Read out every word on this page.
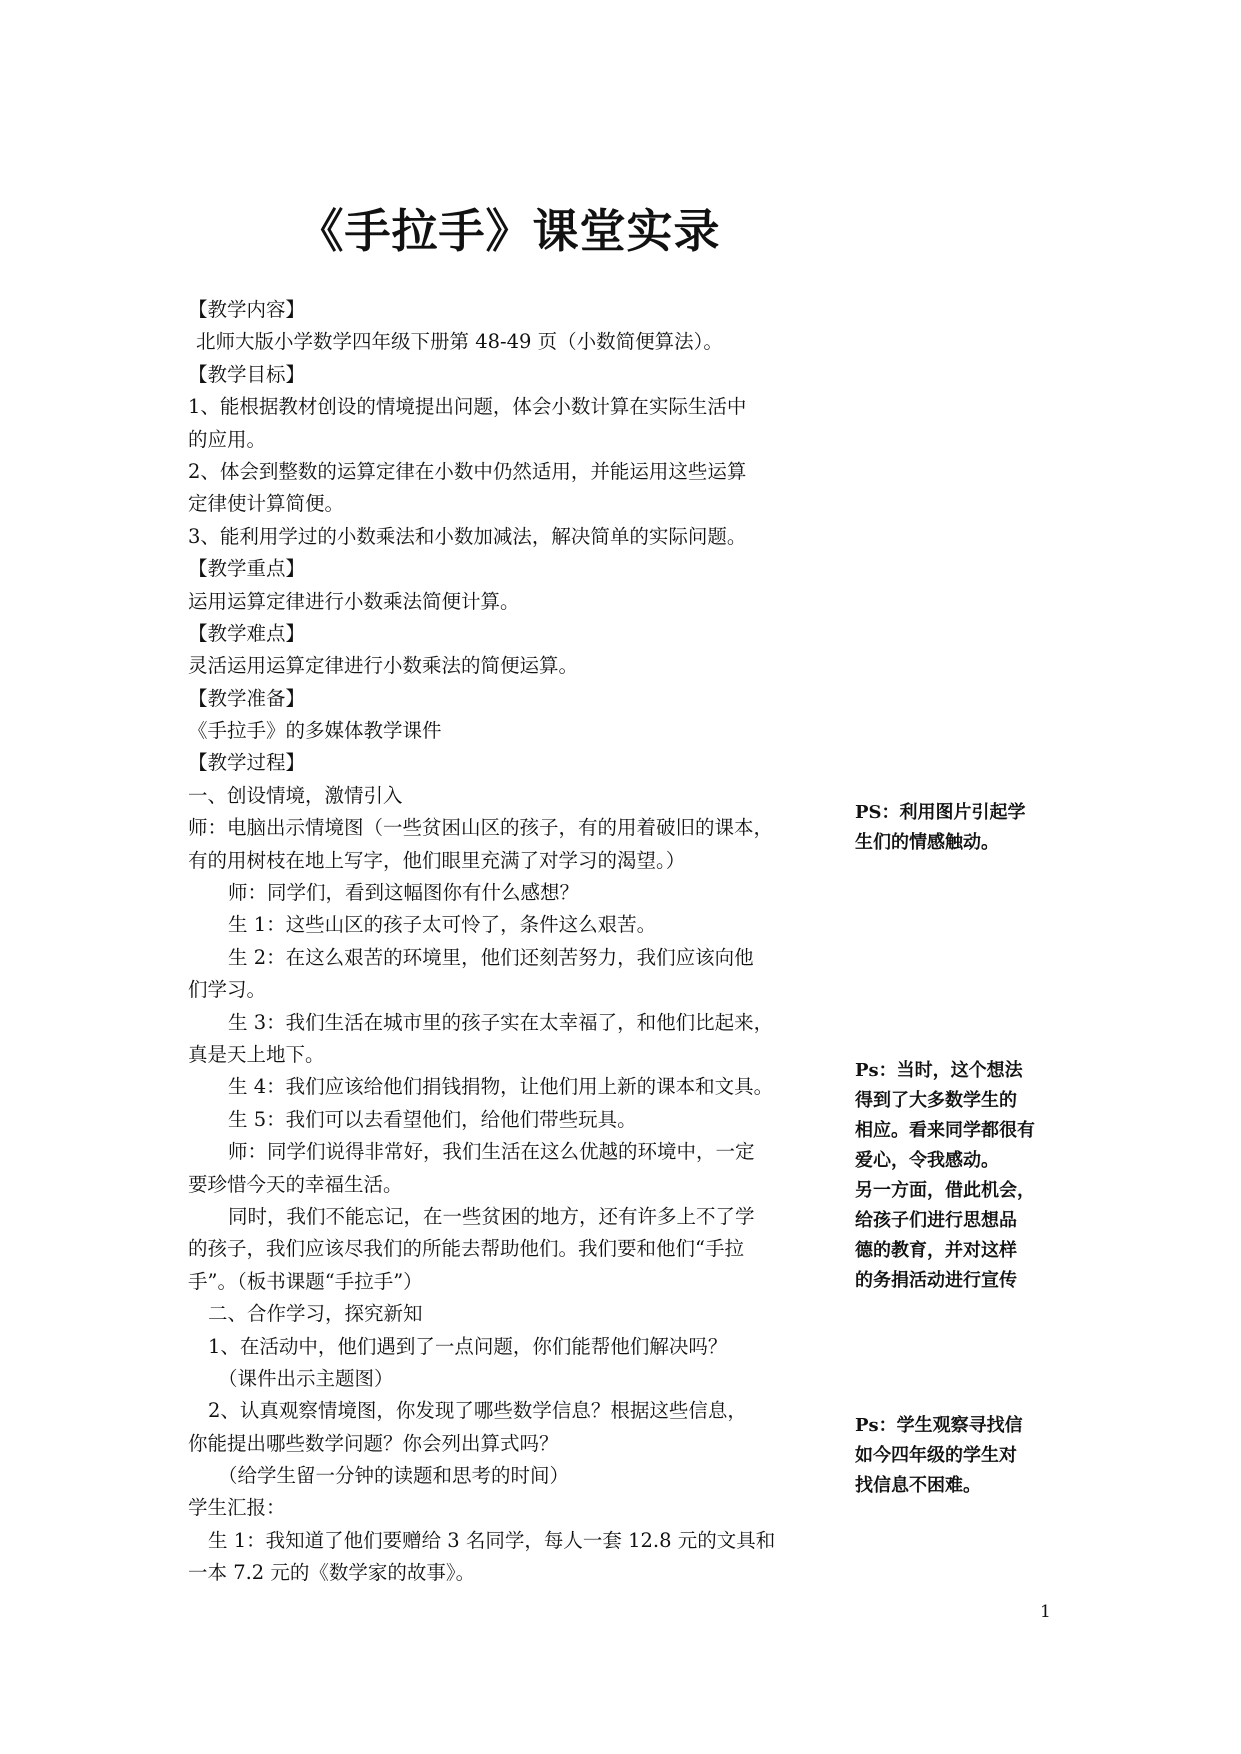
《手拉手》课堂实录
【教学内容】
北师大版小学数学四年级下册第 48-49 页（小数简便算法）。
【教学目标】
1、能根据教材创设的情境提出问题，体会小数计算在实际生活中
的应用。
2、体会到整数的运算定律在小数中仍然适用，并能运用这些运算
定律使计算简便。
3、能利用学过的小数乘法和小数加减法，解决简单的实际问题。
【教学重点】
运用运算定律进行小数乘法简便计算。
【教学难点】
灵活运用运算定律进行小数乘法的简便运算。
【教学准备】
《手拉手》的多媒体教学课件
【教学过程】
一、创设情境，激情引入
师：电脑出示情境图（一些贫困山区的孩子，有的用着破旧的课本，
有的用树枝在地上写字，他们眼里充满了对学习的渴望。）
师：同学们，看到这幅图你有什么感想？
生 1：这些山区的孩子太可怜了，条件这么艰苦。
生 2：在这么艰苦的环境里，他们还刻苦努力，我们应该向他
们学习。
生 3：我们生活在城市里的孩子实在太幸福了，和他们比起来，
真是天上地下。
生 4：我们应该给他们捐钱捐物，让他们用上新的课本和文具。
生 5：我们可以去看望他们，给他们带些玩具。
师：同学们说得非常好，我们生活在这么优越的环境中，一定
要珍惜今天的幸福生活。
同时，我们不能忘记，在一些贫困的地方，还有许多上不了学
的孩子，我们应该尽我们的所能去帮助他们。我们要和他们“手拉
手”。（板书课题“手拉手”）
二、合作学习，探究新知
1、在活动中，他们遇到了一点问题，你们能帮他们解决吗？
（课件出示主题图）
2、认真观察情境图，你发现了哪些数学信息？根据这些信息，
你能提出哪些数学问题？你会列出算式吗？
（给学生留一分钟的读题和思考的时间）
学生汇报：
生 1：我知道了他们要赠给 3 名同学，每人一套 12.8 元的文具和
一本 7.2 元的《数学家的故事》。
PS：利用图片引起学
生们的情感触动。
Ps：当时，这个想法
得到了大多数学生的
相应。看来同学都很有
爱心，令我感动。
另一方面，借此机会，
给孩子们进行思想品
德的教育，并对这样
的务捐活动进行宣传
Ps：学生观察寻找信
如今四年级的学生对
找信息不困难。
1
